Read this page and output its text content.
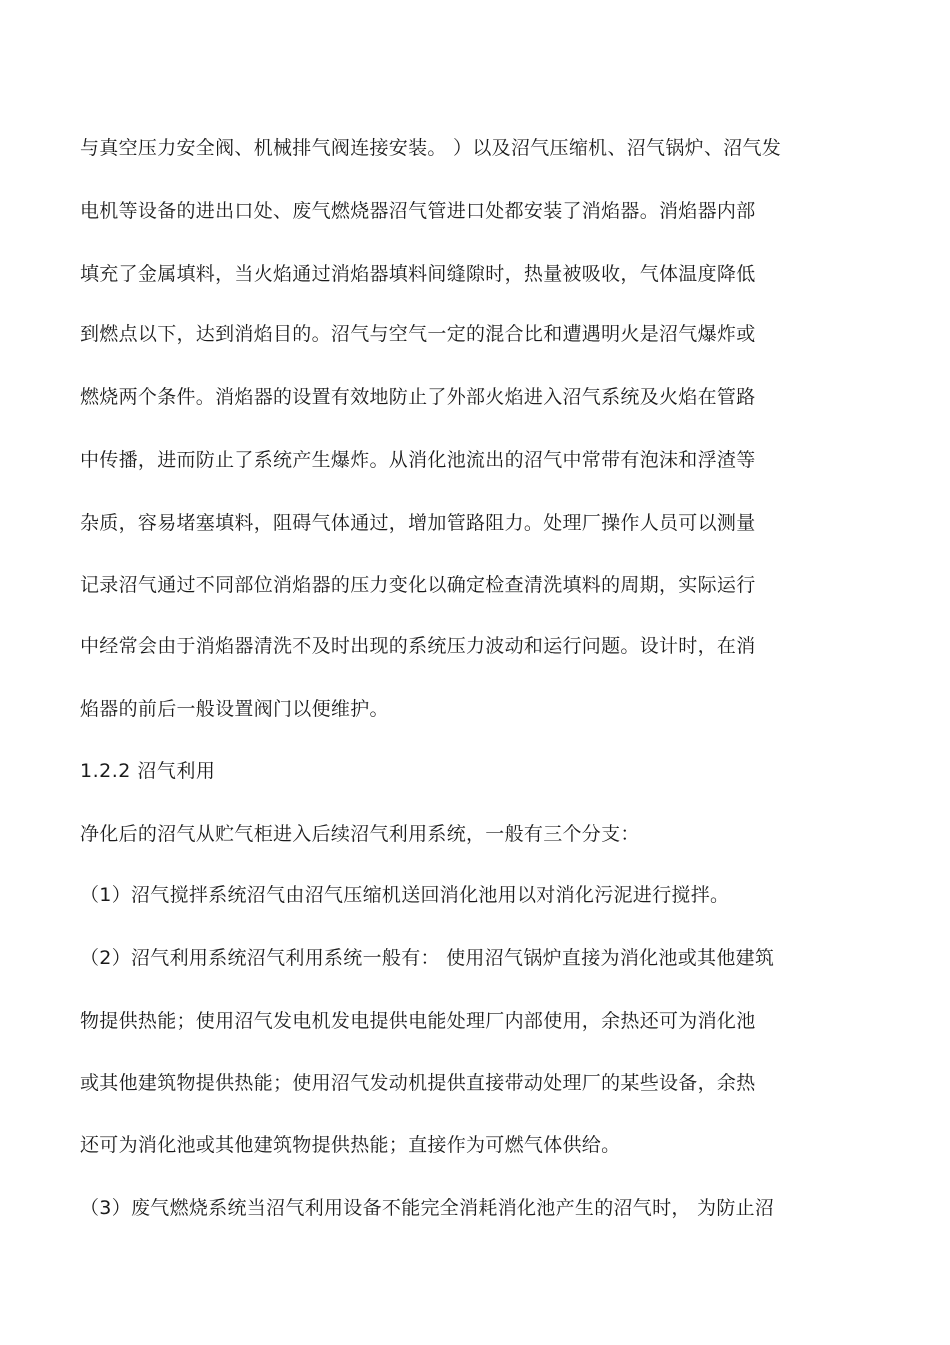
与真空压力安全阀、机械排气阀连接安装。 ）以及沼气压缩机、沼气锅炉、沼气发
电机等设备的进出口处、废气燃烧器沼气管进口处都安装了消焰器。消焰器内部
填充了金属填料，当火焰通过消焰器填料间缝隙时，热量被吸收，气体温度降低
到燃点以下，达到消焰目的。沼气与空气一定的混合比和遭遇明火是沼气爆炸或
燃烧两个条件。消焰器的设置有效地防止了外部火焰进入沼气系统及火焰在管路
中传播，进而防止了系统产生爆炸。从消化池流出的沼气中常带有泡沫和浮渣等
杂质，容易堵塞填料，阻碍气体通过，增加管路阻力。处理厂操作人员可以测量
记录沼气通过不同部位消焰器的压力变化以确定检查清洗填料的周期，实际运行
中经常会由于消焰器清洗不及时出现的系统压力波动和运行问题。设计时，在消
焰器的前后一般设置阀门以便维护。
1.2.2 沼气利用
净化后的沼气从贮气柜进入后续沼气利用系统，一般有三个分支：
（1）沼气搅拌系统沼气由沼气压缩机送回消化池用以对消化污泥进行搅拌。
（2）沼气利用系统沼气利用系统一般有： 使用沼气锅炉直接为消化池或其他建筑
物提供热能；使用沼气发电机发电提供电能处理厂内部使用，余热还可为消化池
或其他建筑物提供热能；使用沼气发动机提供直接带动处理厂的某些设备，余热
还可为消化池或其他建筑物提供热能；直接作为可燃气体供给。
（3）废气燃烧系统当沼气利用设备不能完全消耗消化池产生的沼气时， 为防止沼
